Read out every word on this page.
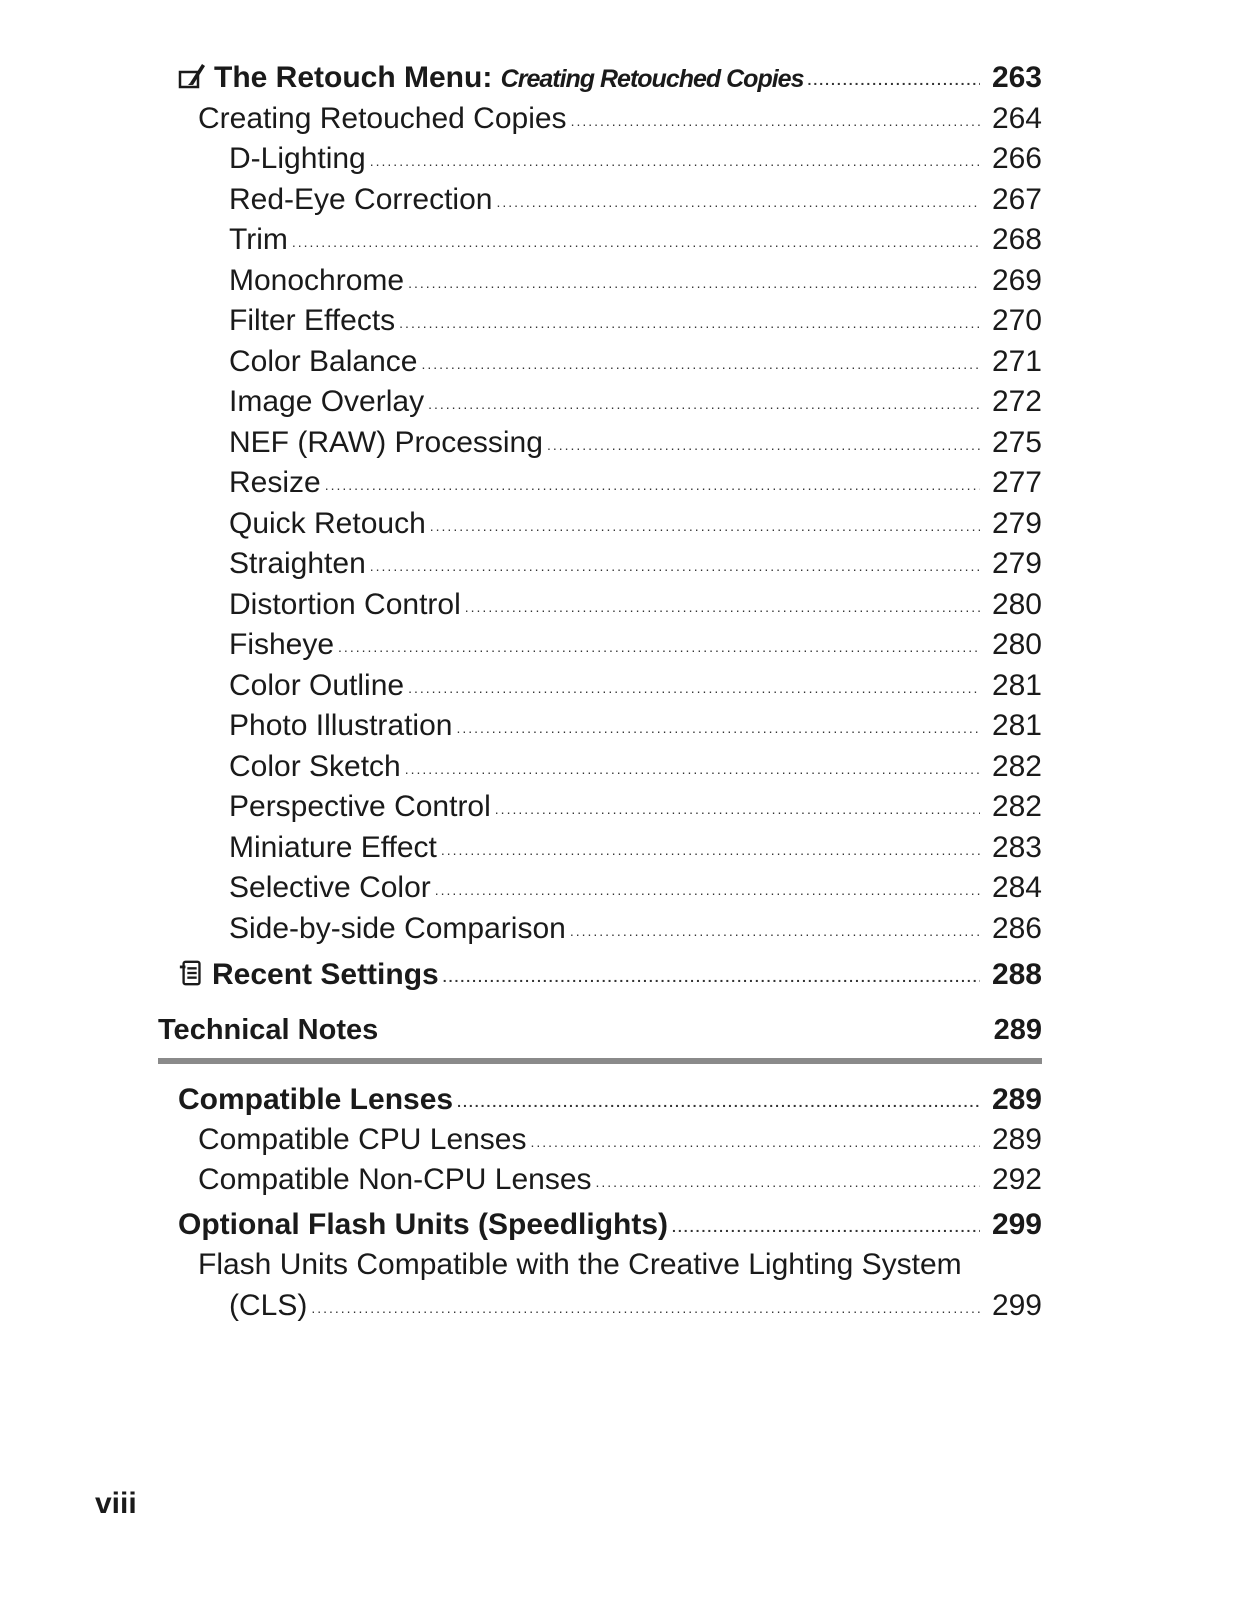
The Retouch Menu: Creating Retouched Copies .....	263
Creating Retouched Copies .....	264
D-Lighting .....	266
Red-Eye Correction .....	267
Trim .....	268
Monochrome .....	269
Filter Effects .....	270
Color Balance .....	271
Image Overlay .....	272
NEF (RAW) Processing .....	275
Resize .....	277
Quick Retouch .....	279
Straighten .....	279
Distortion Control .....	280
Fisheye .....	280
Color Outline .....	281
Photo Illustration .....	281
Color Sketch .....	282
Perspective Control .....	282
Miniature Effect .....	283
Selective Color .....	284
Side-by-side Comparison .....	286
Recent Settings .....	288
Technical Notes	289
Compatible Lenses .....	289
Compatible CPU Lenses .....	289
Compatible Non-CPU Lenses .....	292
Optional Flash Units (Speedlights) .....	299
Flash Units Compatible with the Creative Lighting System
(CLS) .....	299
viii
